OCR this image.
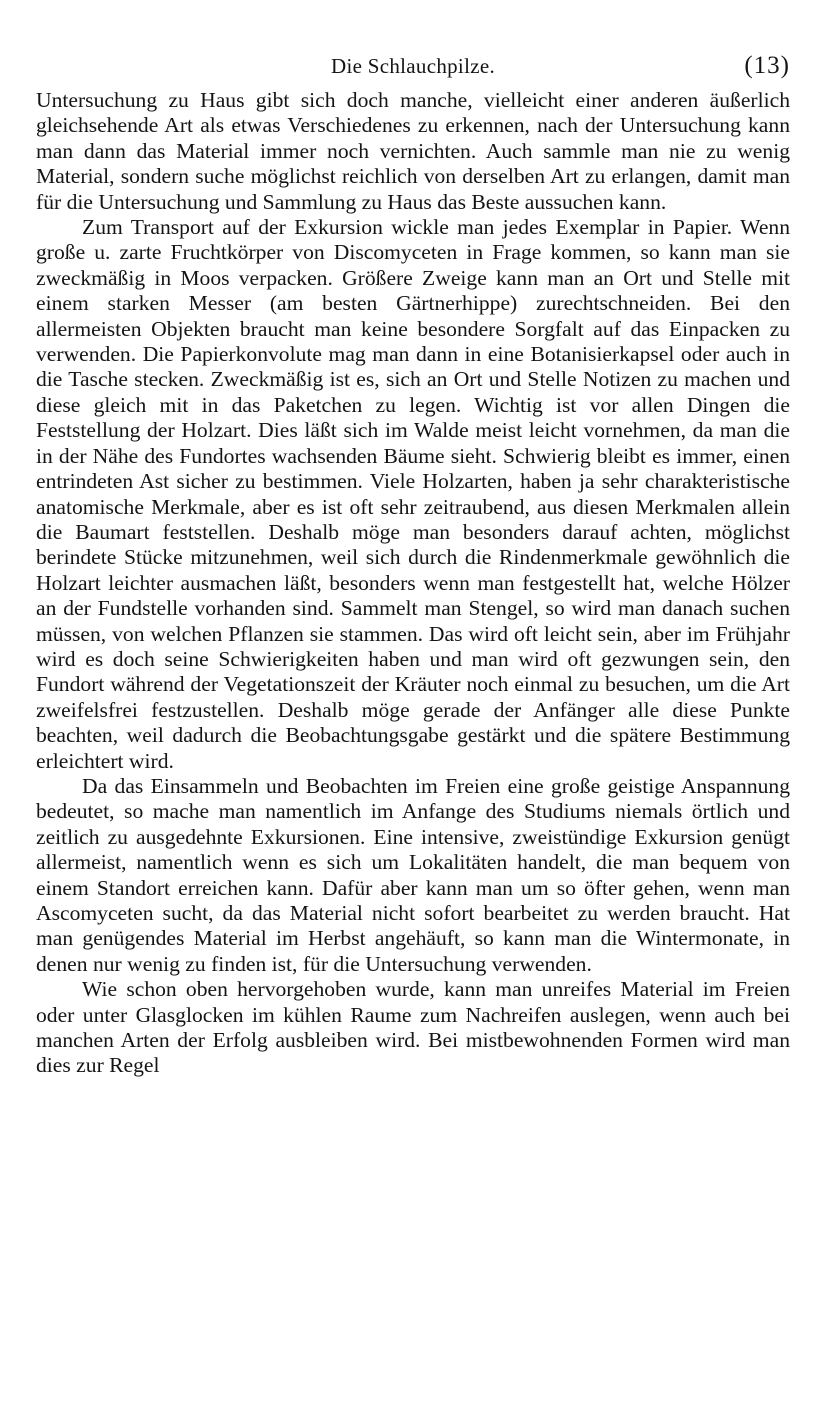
Die Schlauchpilze.	(13)

Untersuchung zu Haus gibt sich doch manche, vielleicht einer anderen äußerlich gleichsehende Art als etwas Verschiedenes zu erkennen, nach der Untersuchung kann man dann das Material immer noch vernichten. Auch sammle man nie zu wenig Material, sondern suche möglichst reichlich von derselben Art zu erlangen, damit man für die Untersuchung und Sammlung zu Haus das Beste aussuchen kann.

Zum Transport auf der Exkursion wickle man jedes Exemplar in Papier. Wenn große u. zarte Fruchtkörper von Discomyceten in Frage kommen, so kann man sie zweckmäßig in Moos verpacken. Größere Zweige kann man an Ort und Stelle mit einem starken Messer (am besten Gärtnerhippe) zurechtschneiden. Bei den allermeisten Objekten braucht man keine besondere Sorgfalt auf das Einpacken zu verwenden. Die Papierkonvolute mag man dann in eine Botanisierkapsel oder auch in die Tasche stecken. Zweckmäßig ist es, sich an Ort und Stelle Notizen zu machen und diese gleich mit in das Paketchen zu legen. Wichtig ist vor allen Dingen die Feststellung der Holzart. Dies läßt sich im Walde meist leicht vornehmen, da man die in der Nähe des Fundortes wachsenden Bäume sieht. Schwierig bleibt es immer, einen entrindeten Ast sicher zu bestimmen. Viele Holzarten, haben ja sehr charakteristische anatomische Merkmale, aber es ist oft sehr zeitraubend, aus diesen Merkmalen allein die Baumart feststellen. Deshalb möge man besonders darauf achten, möglichst berindete Stücke mitzunehmen, weil sich durch die Rindenmerkmale gewöhnlich die Holzart leichter ausmachen läßt, besonders wenn man festgestellt hat, welche Hölzer an der Fundstelle vorhanden sind. Sammelt man Stengel, so wird man danach suchen müssen, von welchen Pflanzen sie stammen. Das wird oft leicht sein, aber im Frühjahr wird es doch seine Schwierigkeiten haben und man wird oft gezwungen sein, den Fundort während der Vegetationszeit der Kräuter noch einmal zu besuchen, um die Art zweifelsfrei festzustellen. Deshalb möge gerade der Anfänger alle diese Punkte beachten, weil dadurch die Beobachtungsgabe gestärkt und die spätere Bestimmung erleichtert wird.

Da das Einsammeln und Beobachten im Freien eine große geistige Anspannung bedeutet, so mache man namentlich im Anfange des Studiums niemals örtlich und zeitlich zu ausgedehnte Exkursionen. Eine intensive, zweistündige Exkursion genügt allermeist, namentlich wenn es sich um Lokalitäten handelt, die man bequem von einem Standort erreichen kann. Dafür aber kann man um so öfter gehen, wenn man Ascomyceten sucht, da das Material nicht sofort bearbeitet zu werden braucht. Hat man genügendes Material im Herbst angehäuft, so kann man die Wintermonate, in denen nur wenig zu finden ist, für die Untersuchung verwenden.

Wie schon oben hervorgehoben wurde, kann man unreifes Material im Freien oder unter Glasglocken im kühlen Raume zum Nachreifen auslegen, wenn auch bei manchen Arten der Erfolg ausbleiben wird. Bei mistbewohnenden Formen wird man dies zur Regel
